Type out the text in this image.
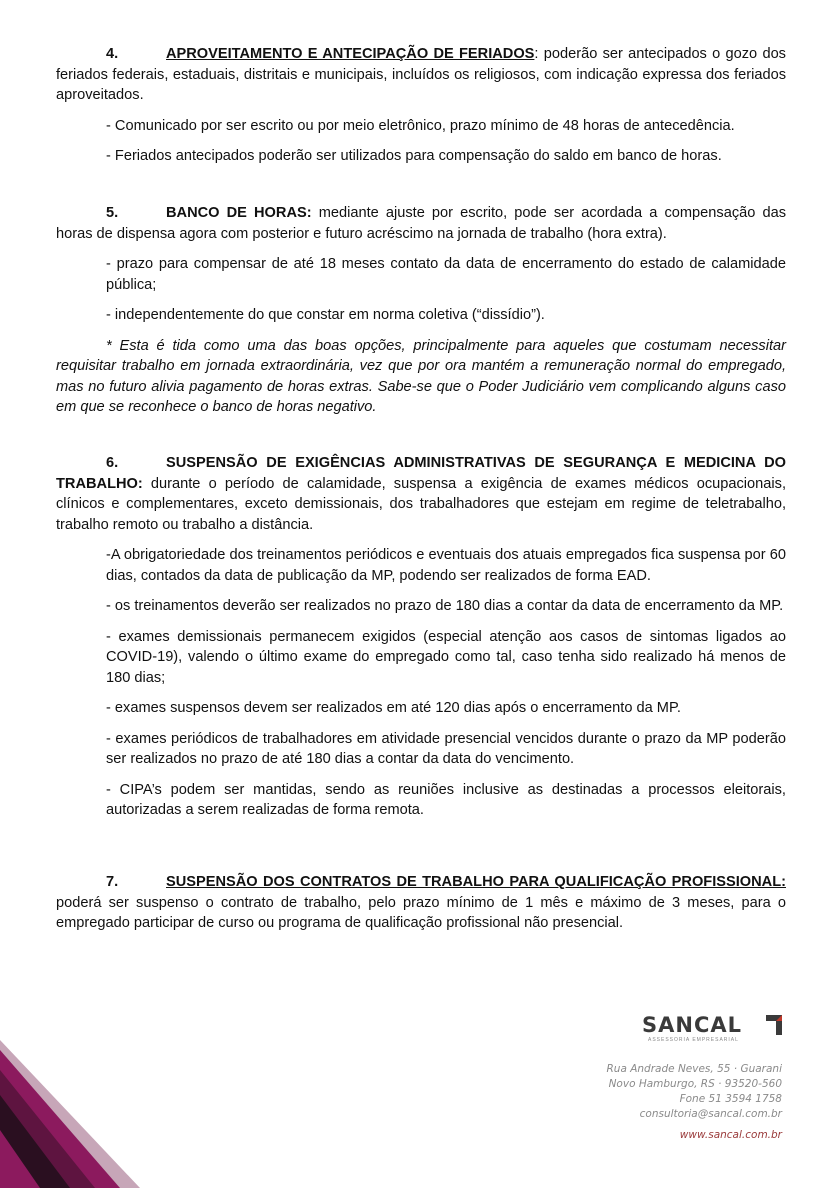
4.	APROVEITAMENTO E ANTECIPAÇÃO DE FERIADOS: poderão ser antecipados o gozo dos feriados federais, estaduais, distritais e municipais, incluídos os religiosos, com indicação expressa dos feriados aproveitados.

- Comunicado por ser escrito ou por meio eletrônico, prazo mínimo de 48 horas de antecedência.

- Feriados antecipados poderão ser utilizados para compensação do saldo em banco de horas.

5.	BANCO DE HORAS: mediante ajuste por escrito, pode ser acordada a compensação das horas de dispensa agora com posterior e futuro acréscimo na jornada de trabalho (hora extra).

- prazo para compensar de até 18 meses contato da data de encerramento do estado de calamidade pública;

- independentemente do que constar em norma coletiva (“dissídio”).

* Esta é tida como uma das boas opções, principalmente para aqueles que costumam necessitar requisitar trabalho em jornada extraordinária, vez que por ora mantém a remuneração normal do empregado, mas no futuro alivia pagamento de horas extras. Sabe-se que o Poder Judiciário vem complicando alguns caso em que se reconhece o banco de horas negativo.

6.	SUSPENSÃO DE EXIGÊNCIAS ADMINISTRATIVAS DE SEGURANÇA E MEDICINA DO TRABALHO: durante o período de calamidade, suspensa a exigência de exames médicos ocupacionais, clínicos e complementares, exceto demissionais, dos trabalhadores que estejam em regime de teletrabalho, trabalho remoto ou trabalho a distância.

-A obrigatoriedade dos treinamentos periódicos e eventuais dos atuais empregados fica suspensa por 60 dias, contados da data de publicação da MP, podendo ser realizados de forma EAD.

- os treinamentos deverão ser realizados no prazo de 180 dias a contar da data de encerramento da MP.

- exames demissionais permanecem exigidos (especial atenção aos casos de sintomas ligados ao COVID-19), valendo o último exame do empregado como tal, caso tenha sido realizado há menos de 180 dias;

- exames suspensos devem ser realizados em até 120 dias após o encerramento da MP.

- exames periódicos de trabalhadores em atividade presencial vencidos durante o prazo da MP poderão ser realizados no prazo de até 180 dias a contar da data do vencimento.

- CIPA’s podem ser mantidas, sendo as reuniões inclusive as destinadas a processos eleitorais, autorizadas a serem realizadas de forma remota.

7.	SUSPENSÃO DOS CONTRATOS DE TRABALHO PARA QUALIFICAÇÃO PROFISSIONAL: poderá ser suspenso o contrato de trabalho, pelo prazo mínimo de 1 mês e máximo de 3 meses, para o empregado participar de curso ou programa de qualificação profissional não presencial.

SANCAL
ASSESSORIA EMPRESARIAL
Rua Andrade Neves, 55 · Guarani
Novo Hamburgo, RS · 93520-560
Fone 51 3594 1758
consultoria@sancal.com.br
www.sancal.com.br
